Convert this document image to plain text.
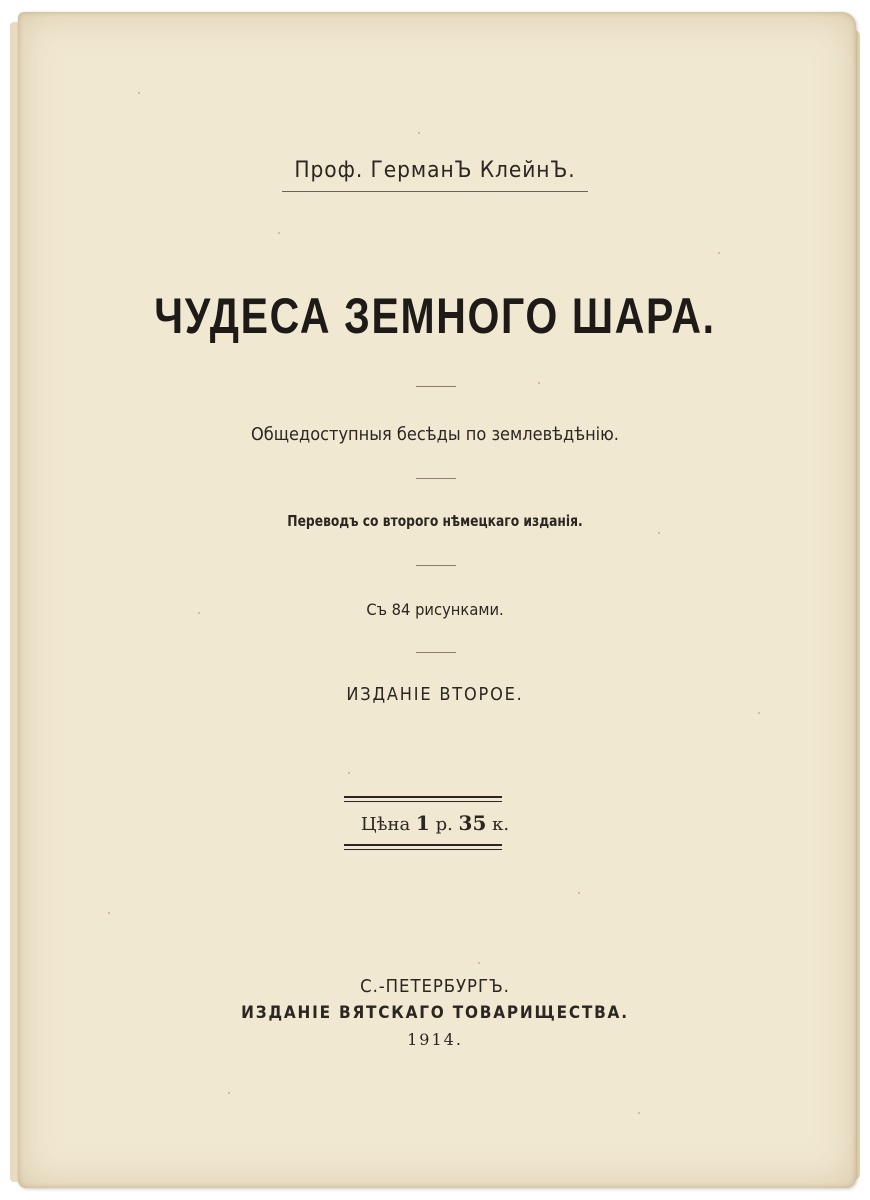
Проф. ГерманЪ КлейнЪ.
ЧУДЕСА ЗЕМНОГО ШАРА.
Общедоступныя бесѣды по землевѣдѣнію.
Переводъ со второго нѣмецкаго изданія.
Съ 84 рисунками.
ИЗДАНIЕ ВТОРОЕ.
Цѣна 1 р. 35 к.
С.-ПЕТЕРБУРГЪ.
ИЗДАНIЕ ВЯТСКАГО ТОВАРИЩЕСТВА.
1914.
